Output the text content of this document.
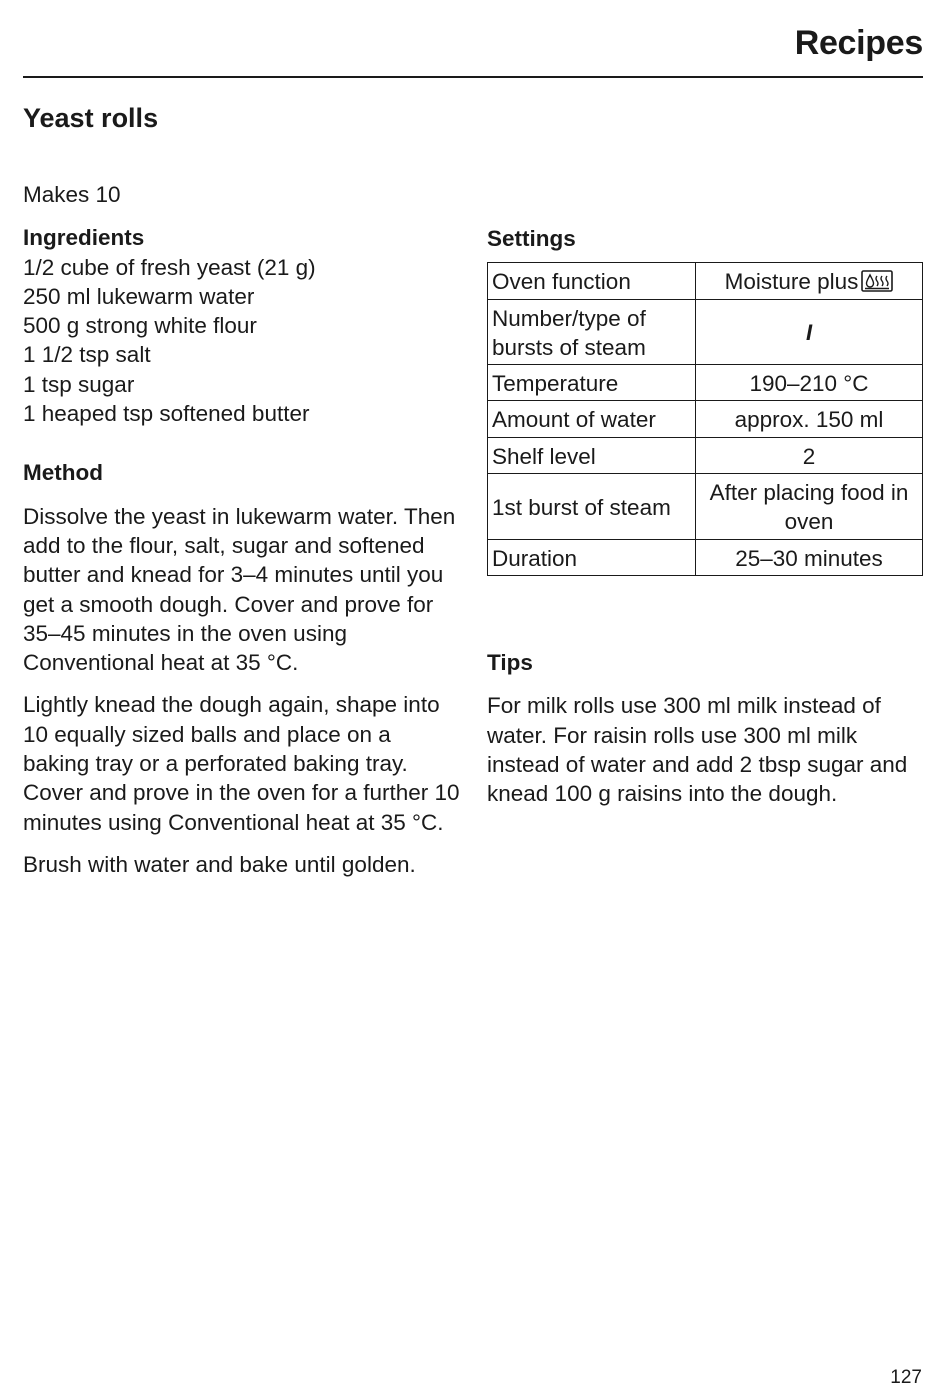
Recipes
Yeast rolls

Makes 10

Ingredients

1/2 cube of fresh yeast (21 g)
250 ml lukewarm water
500 g strong white flour
1 1/2 tsp salt
1 tsp sugar
1 heaped tsp softened butter

Method

Dissolve the yeast in lukewarm water. Then add to the flour, salt, sugar and softened butter and knead for 3–4 minutes until you get a smooth dough. Cover and prove for 35–45 minutes in the oven using Conventional heat at 35 °C.

Lightly knead the dough again, shape into 10 equally sized balls and place on a baking tray or a perforated baking tray. Cover and prove in the oven for a further 10 minutes using Conventional heat at 35 °C.

Brush with water and bake until golden.

Settings

Oven function	Moisture plus
Number/type of bursts of steam	I
Temperature	190–210 °C
Amount of water	approx. 150 ml
Shelf level	2
1st burst of steam	After placing food in oven
Duration	25–30 minutes

Tips

For milk rolls use 300 ml milk instead of water. For raisin rolls use 300 ml milk instead of water and add 2 tbsp sugar and knead 100 g raisins into the dough.

127
